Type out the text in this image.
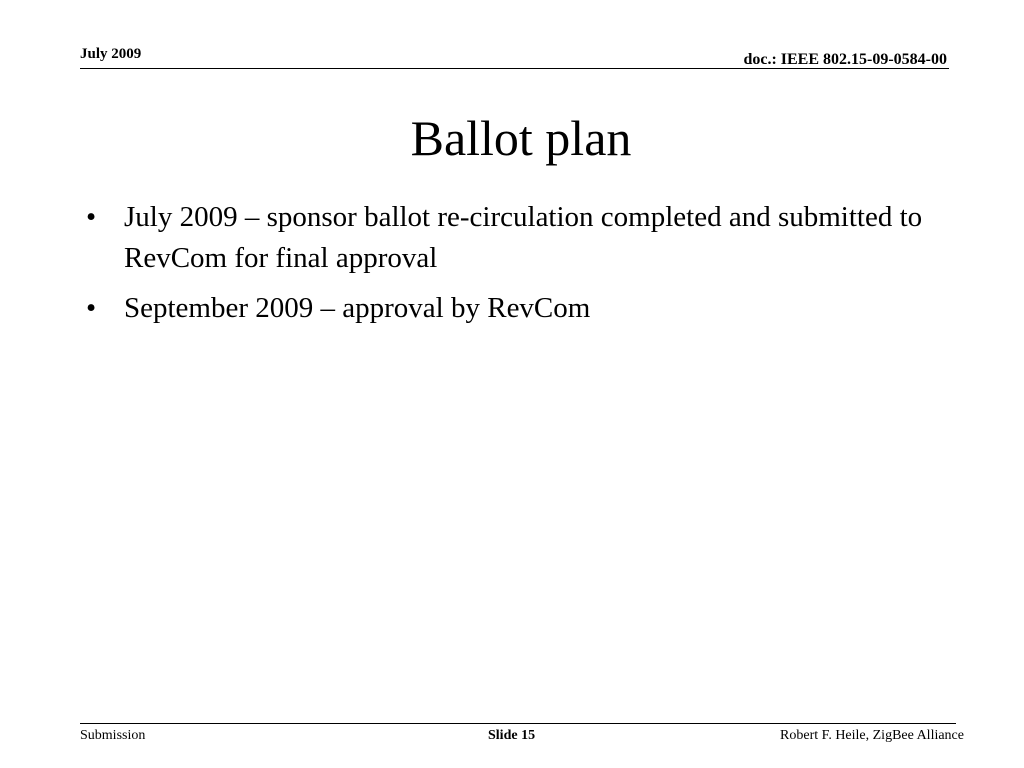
July 2009	doc.: IEEE 802.15-09-0584-00
Ballot plan
• July 2009 – sponsor ballot re-circulation completed and submitted to RevCom for final approval
• September 2009 – approval by RevCom
Submission	Slide 15	Robert F. Heile, ZigBee Alliance
